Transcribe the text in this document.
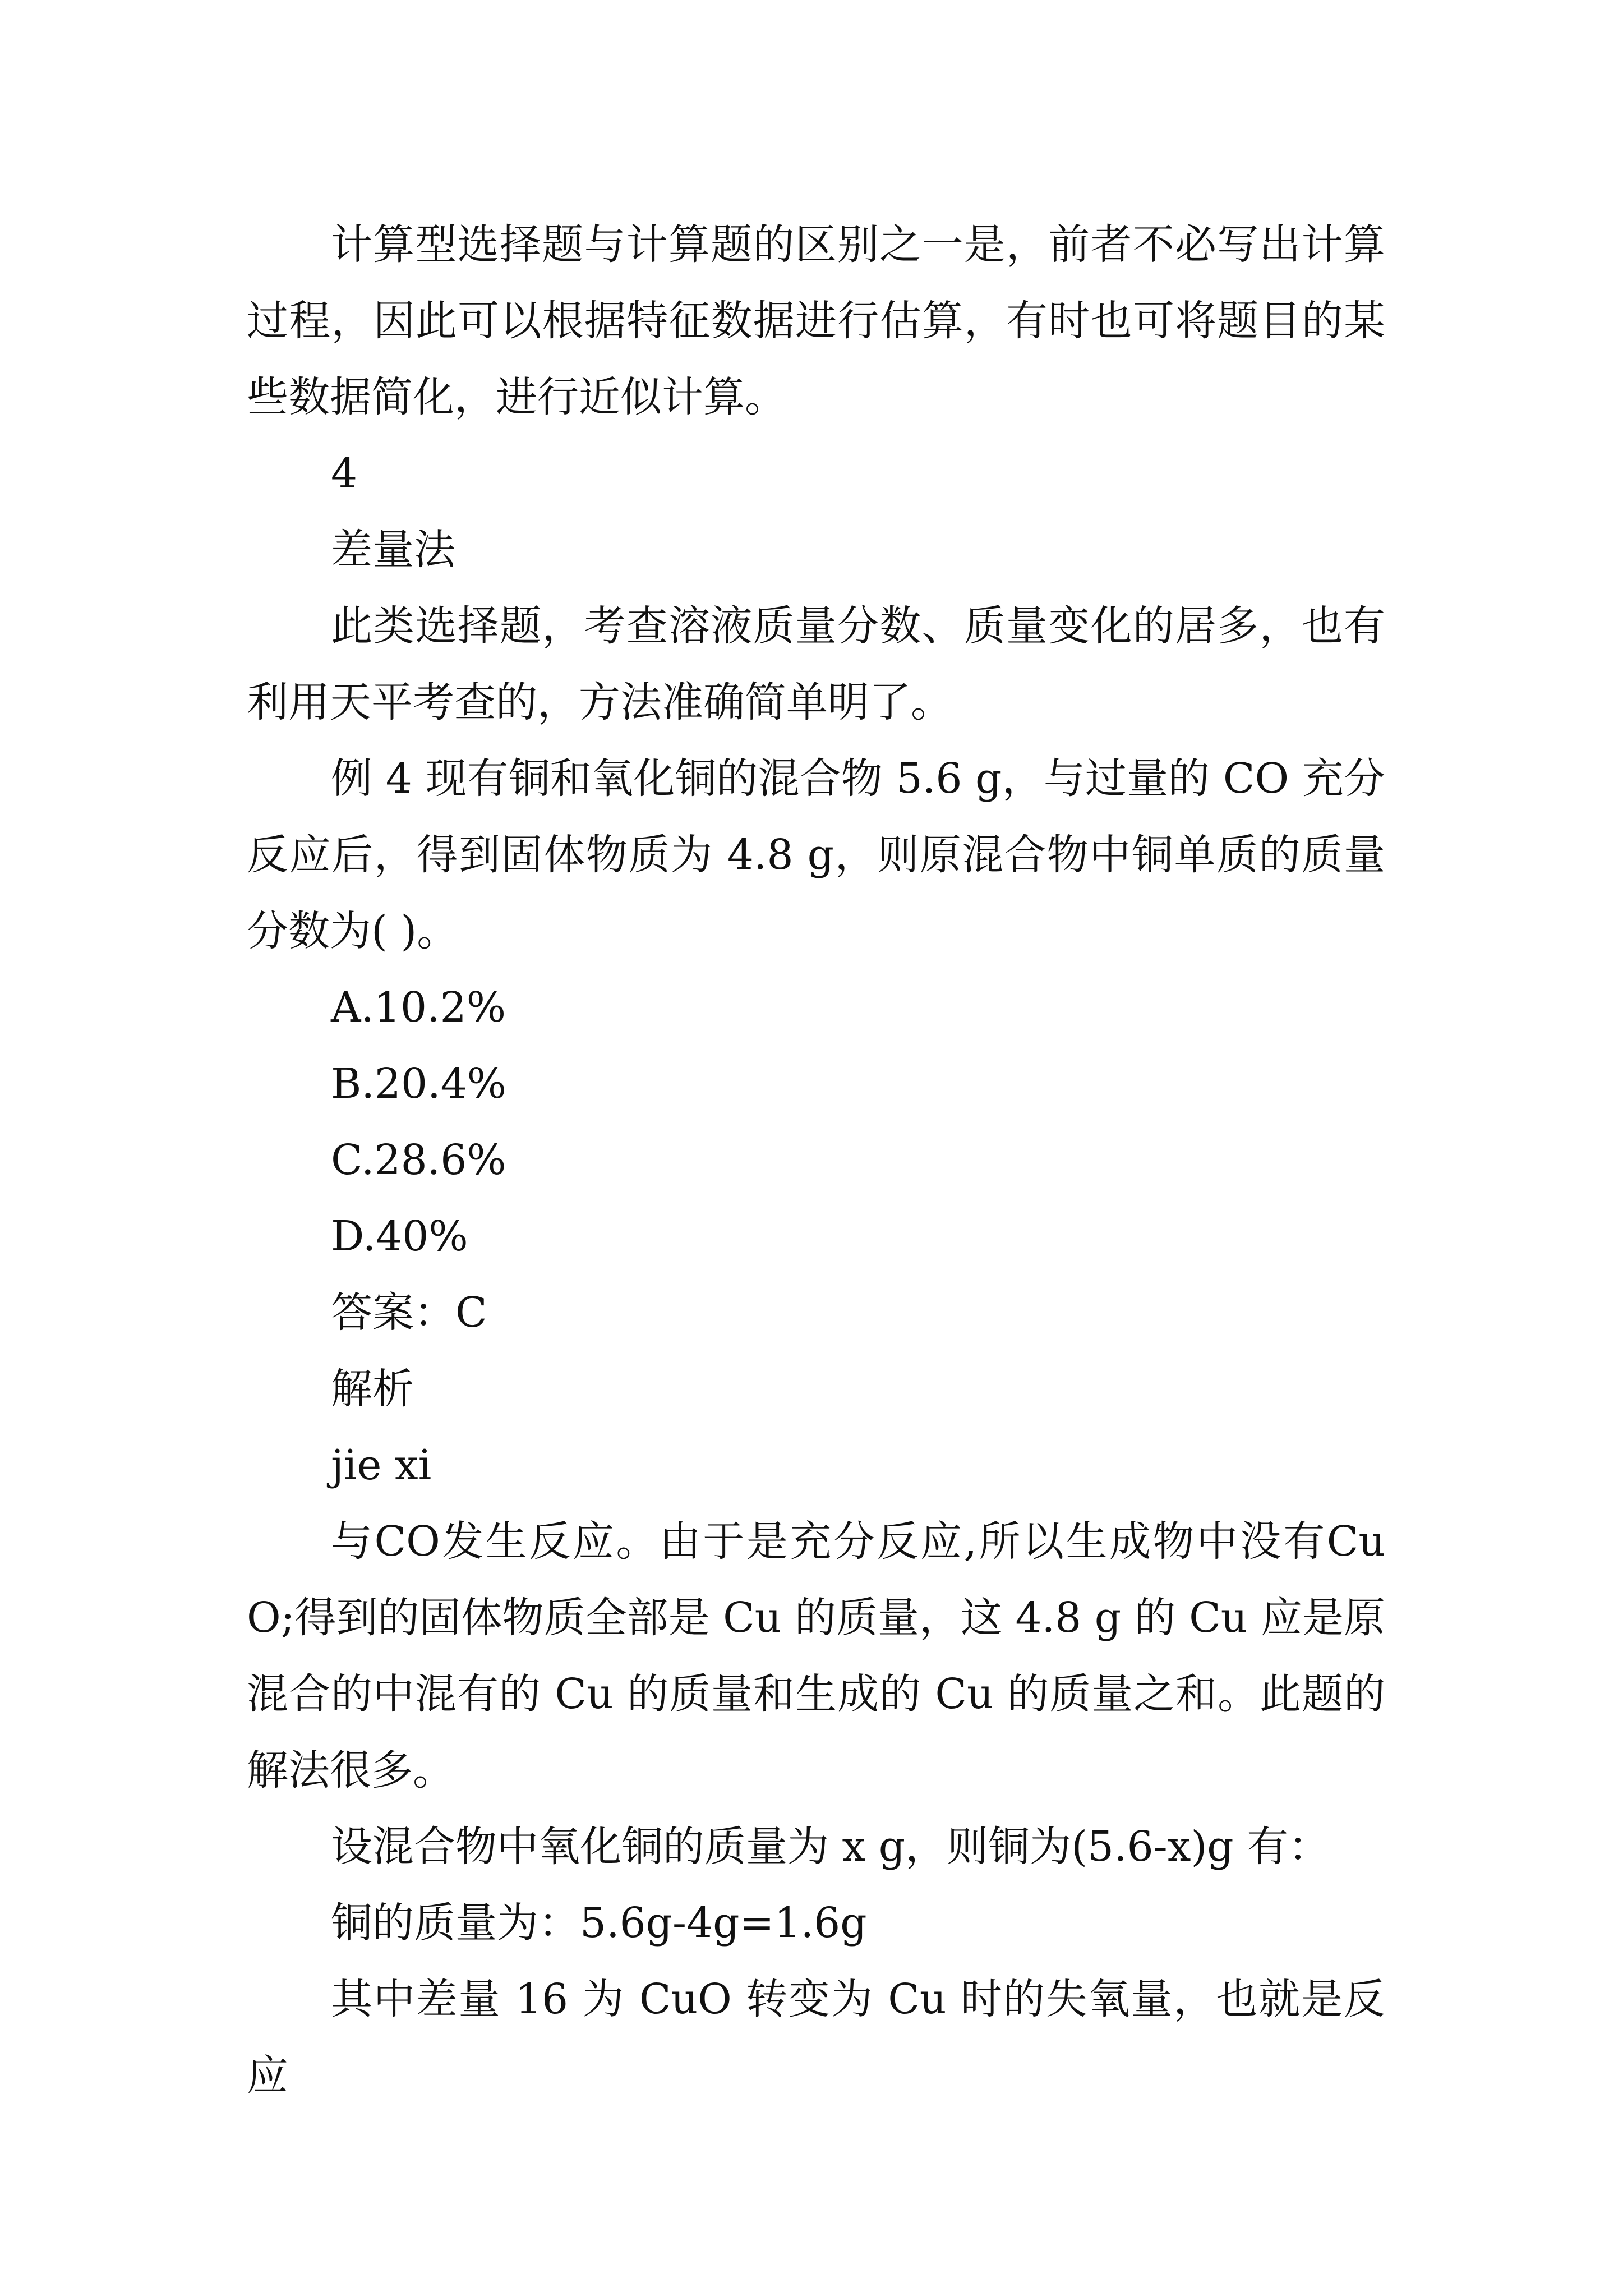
计算型选择题与计算题的区别之一是，前者不必写出计算过程，因此可以根据特征数据进行估算，有时也可将题目的某些数据简化，进行近似计算。

4

差量法

此类选择题，考查溶液质量分数、质量变化的居多，也有利用天平考查的，方法准确简单明了。

例 4 现有铜和氧化铜的混合物 5.6 g，与过量的 CO 充分反应后，得到固体物质为 4.8 g，则原混合物中铜单质的质量分数为( )。

A.10.2%

B.20.4%

C.28.6%

D.40%

答案：C

解析

jie xi

与CO发生反应。由于是充分反应,所以生成物中没有CuO;得到的固体物质全部是 Cu 的质量，这 4.8 g 的 Cu 应是原混合的中混有的 Cu 的质量和生成的 Cu 的质量之和。此题的解法很多。

设混合物中氧化铜的质量为 x g，则铜为(5.6-x)g 有：

铜的质量为：5.6g-4g=1.6g

其中差量 16 为 CuO 转变为 Cu 时的失氧量，也就是反应
